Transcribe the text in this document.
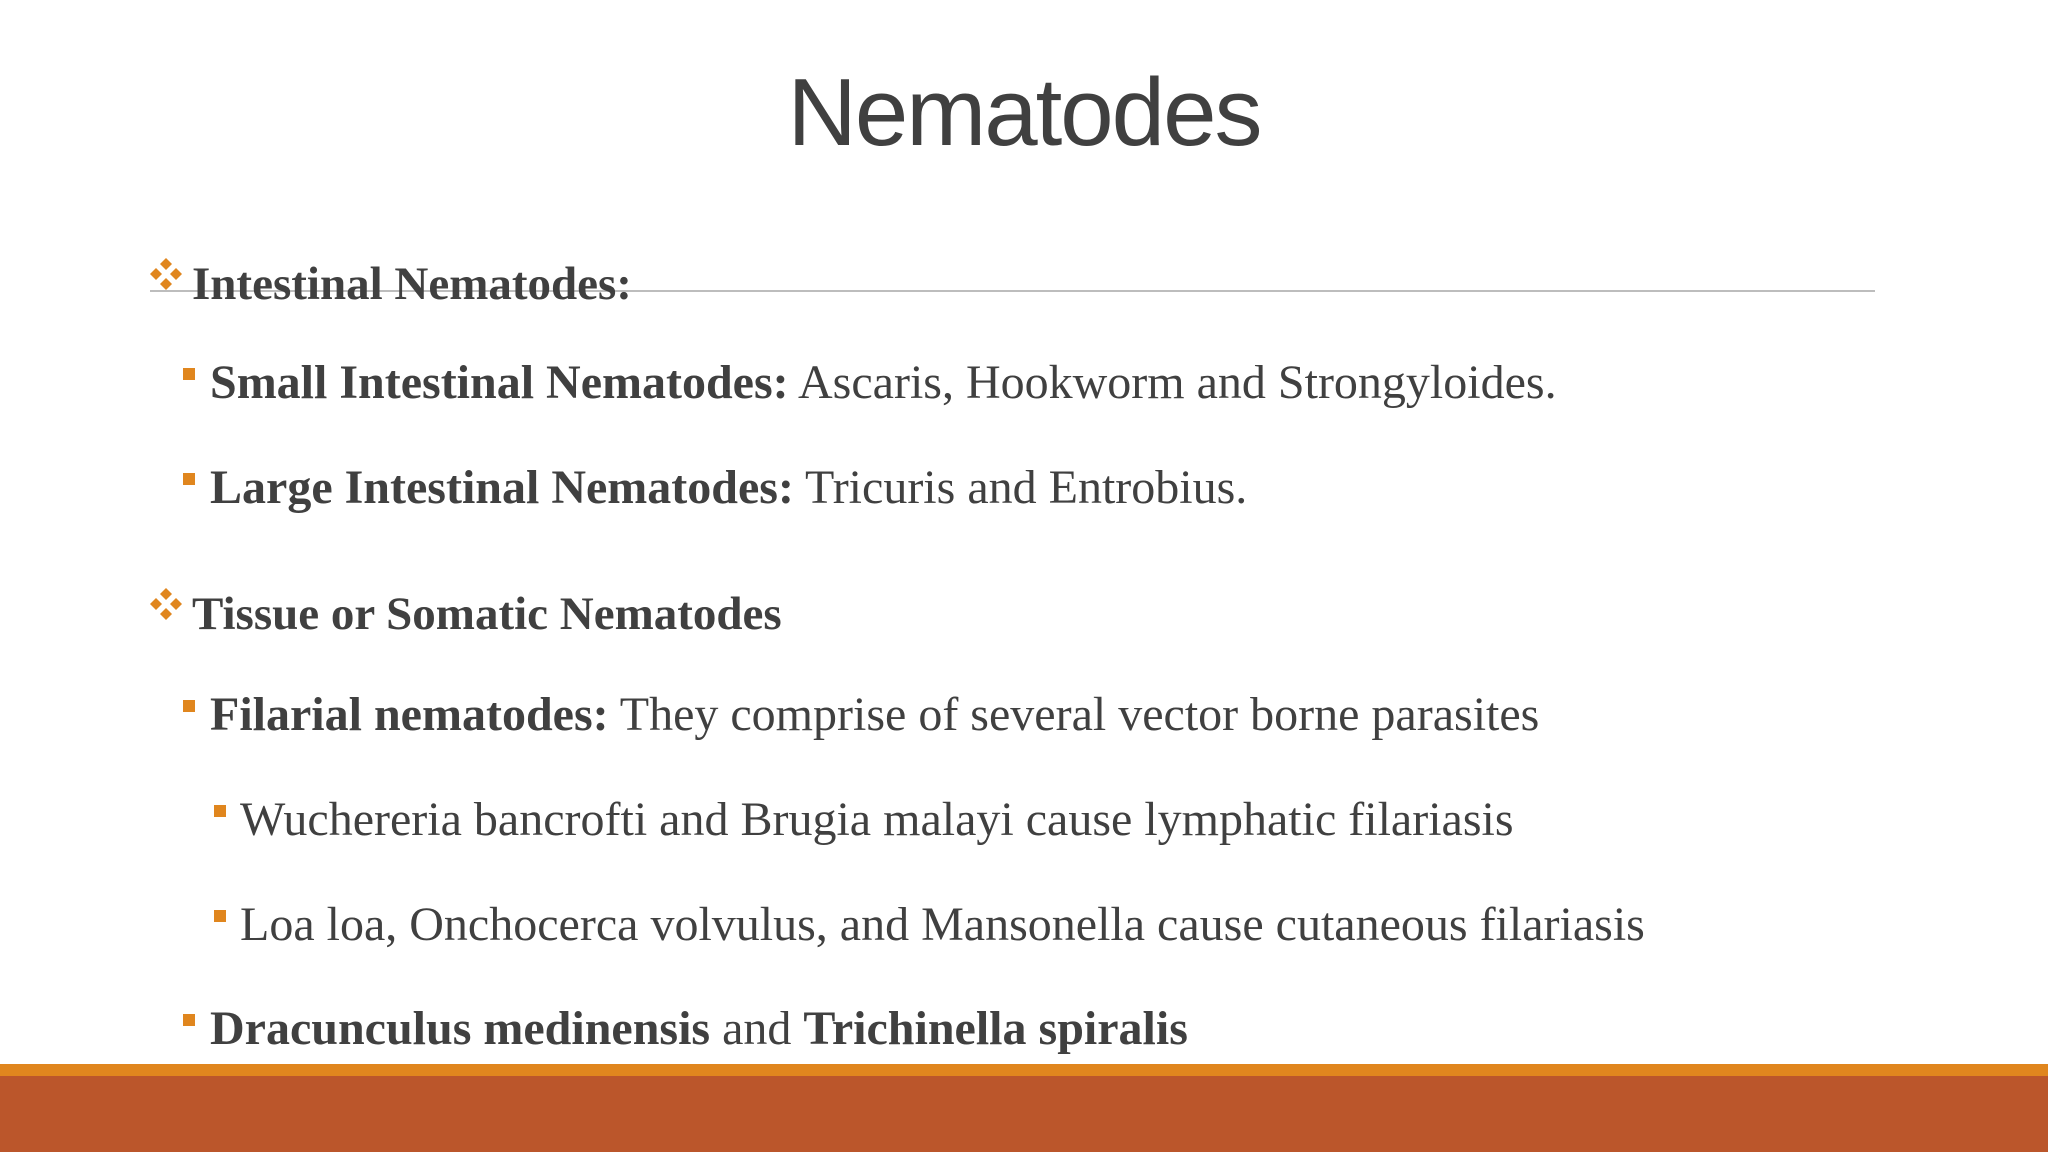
Nematodes
Intestinal Nematodes:
Small Intestinal Nematodes: Ascaris, Hookworm and Strongyloides.
Large Intestinal Nematodes: Tricuris and Entrobius.
Tissue or Somatic Nematodes
Filarial nematodes: They comprise of several vector borne parasites
Wuchereria bancrofti and Brugia malayi cause lymphatic filariasis
Loa loa, Onchocerca volvulus, and Mansonella cause cutaneous filariasis
Dracunculus medinensis and Trichinella spiralis
